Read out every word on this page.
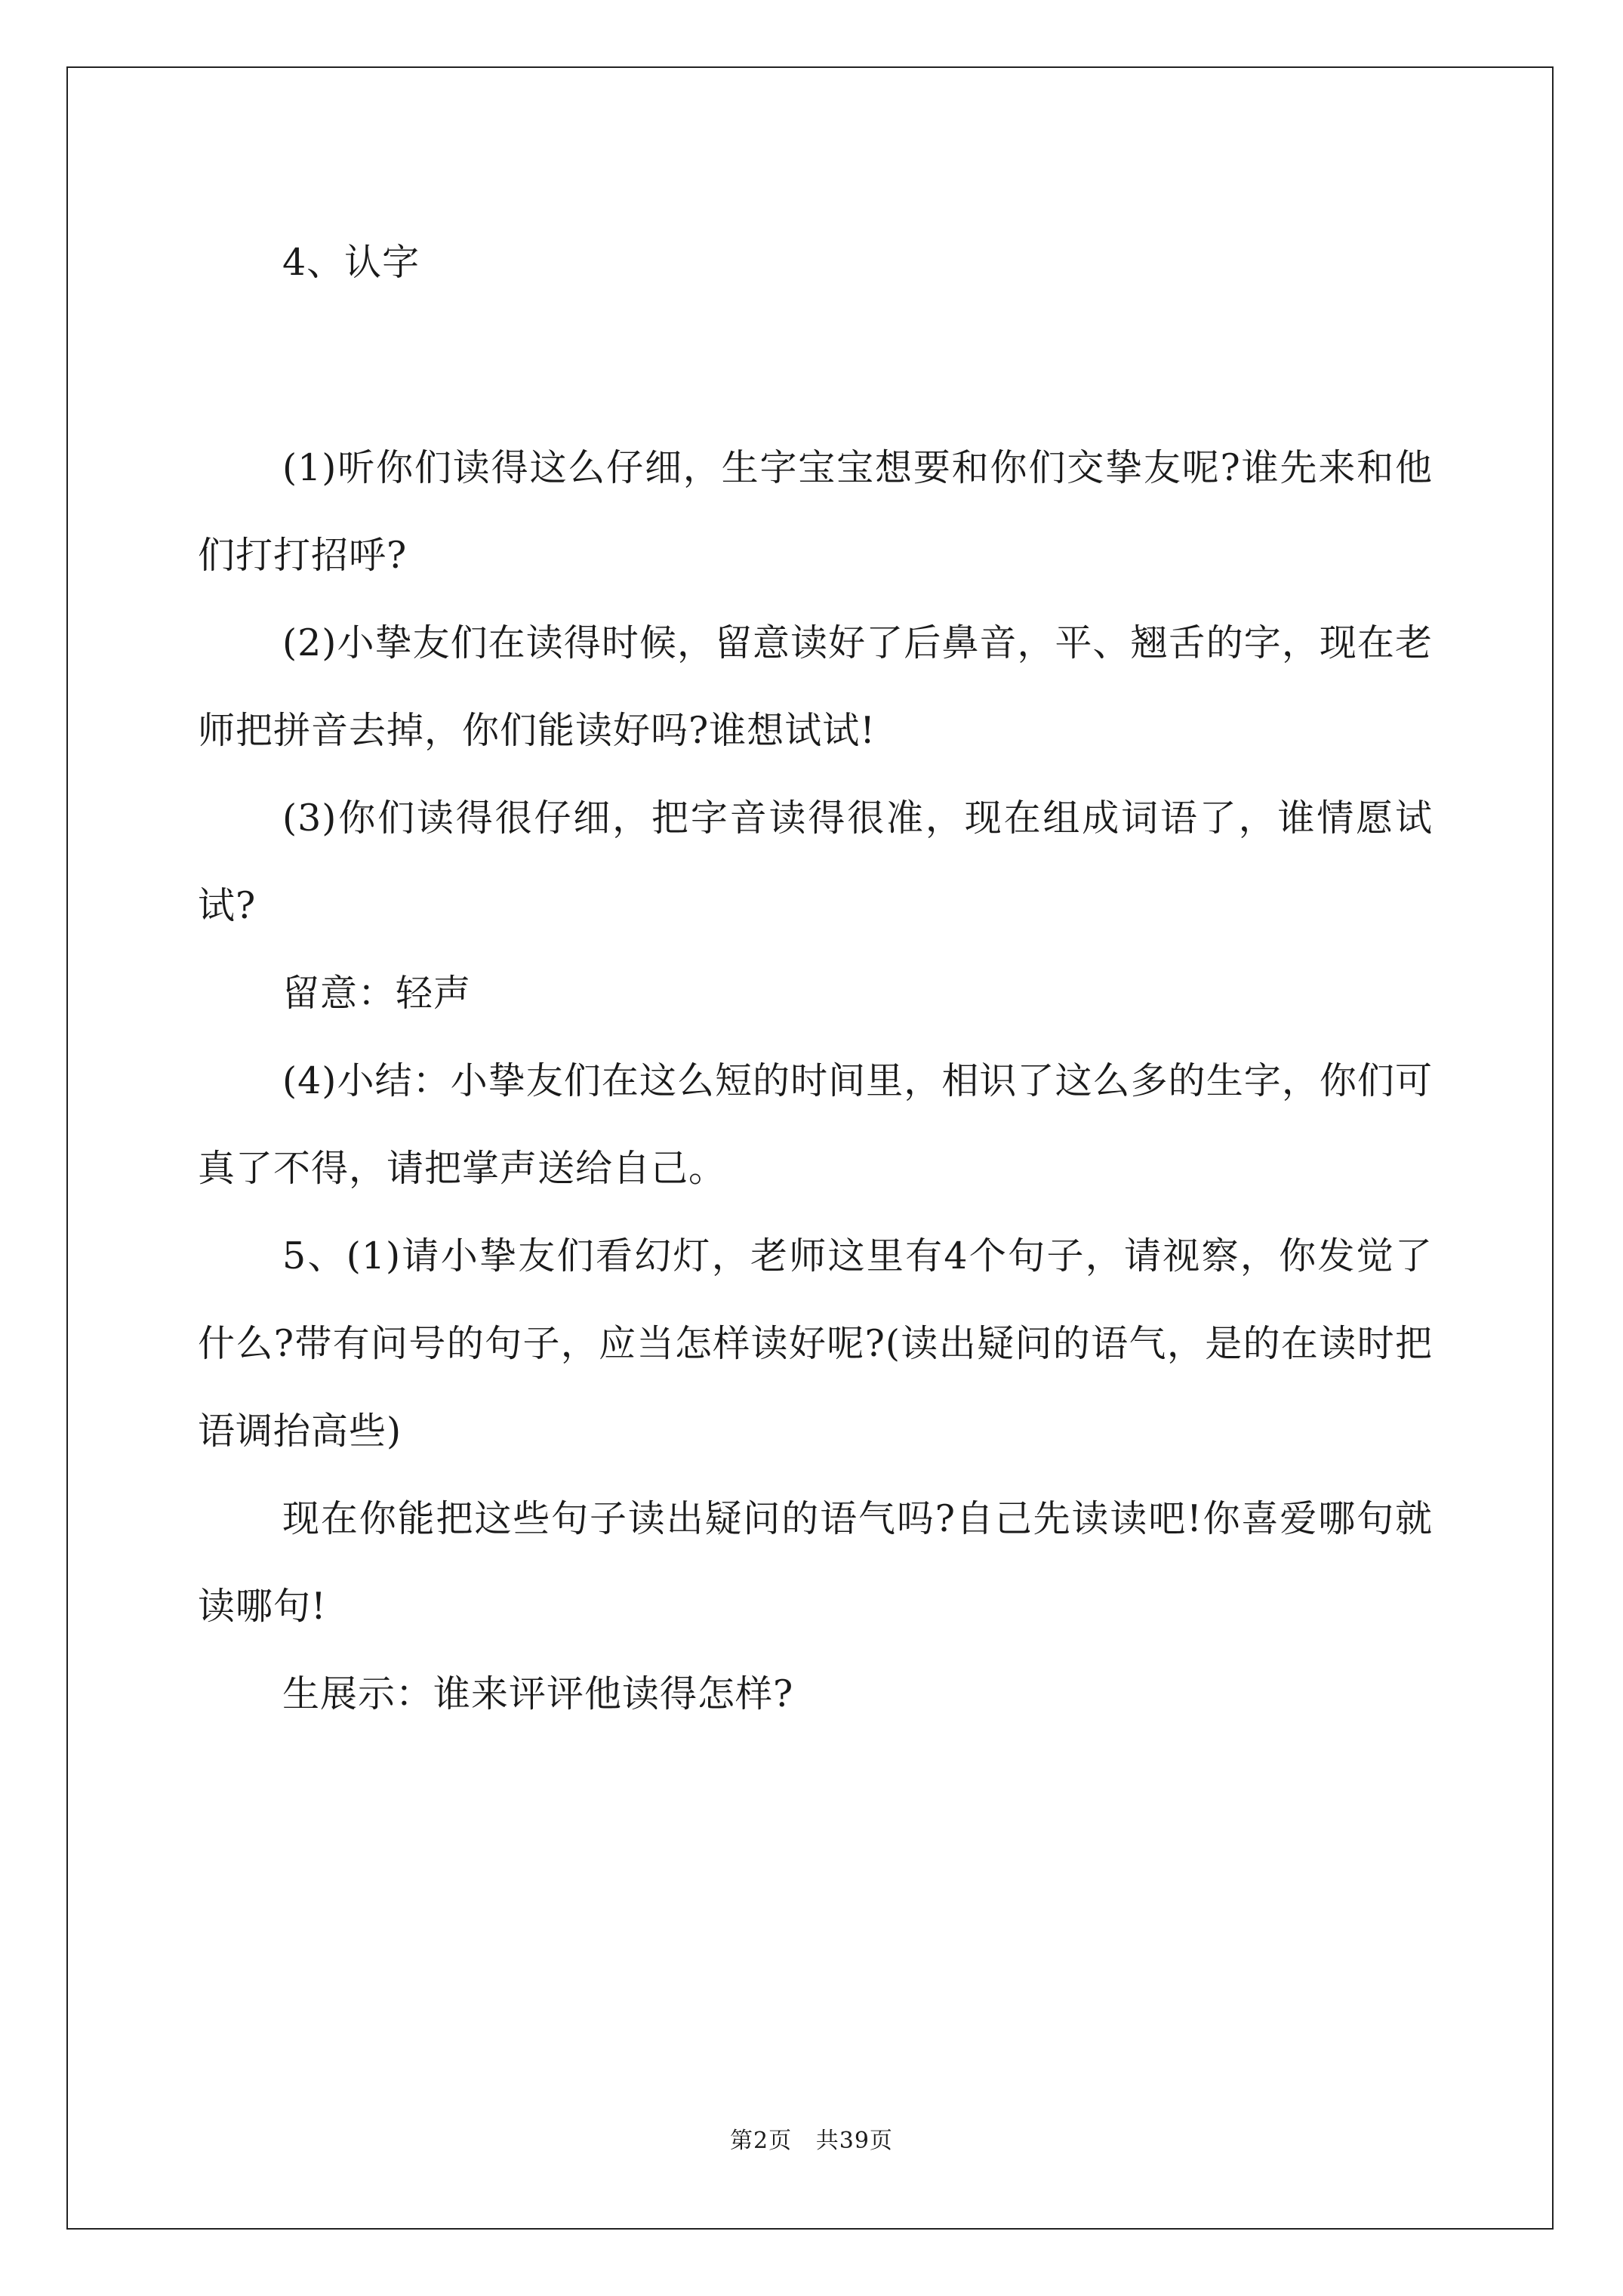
4、认字

(1)听你们读得这么仔细，生字宝宝想要和你们交挚友呢?谁先来和他们打打招呼?

(2)小挚友们在读得时候，留意读好了后鼻音，平、翘舌的字，现在老师把拼音去掉，你们能读好吗?谁想试试!

(3)你们读得很仔细，把字音读得很准，现在组成词语了，谁情愿试试?

留意：轻声

(4)小结：小挚友们在这么短的时间里，相识了这么多的生字，你们可真了不得，请把掌声送给自己。

5、(1)请小挚友们看幻灯，老师这里有4个句子，请视察，你发觉了什么?带有问号的句子，应当怎样读好呢?(读出疑问的语气，是的在读时把语调抬高些)

现在你能把这些句子读出疑问的语气吗?自己先读读吧!你喜爱哪句就读哪句!

生展示：谁来评评他读得怎样?

第2页 共39页
